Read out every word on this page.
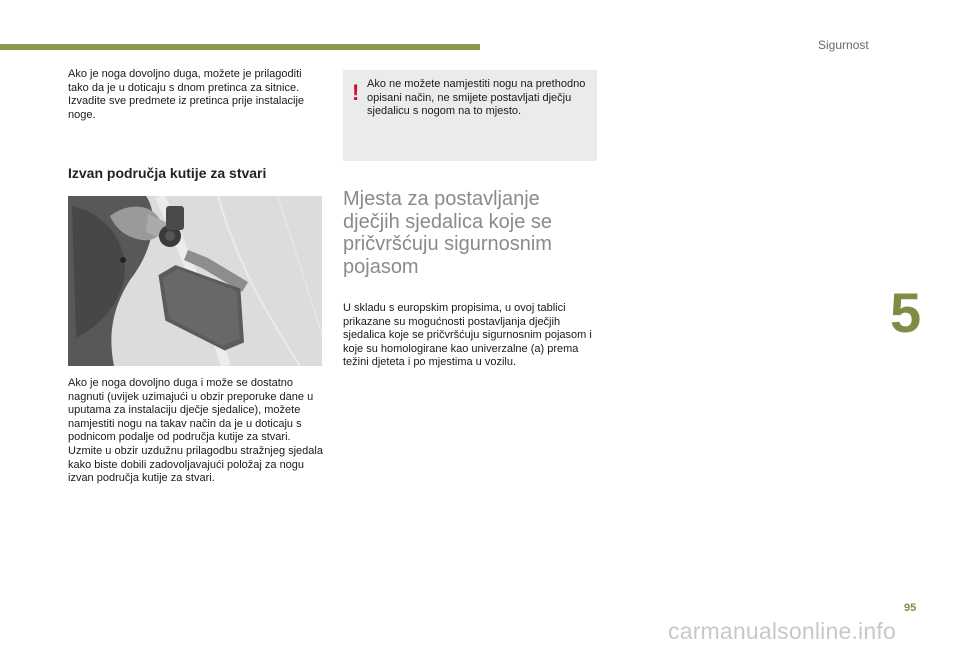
Sigurnost

Ako je noga dovoljno duga, možete je prilagoditi tako da je u doticaju s dnom pretinca za sitnice. Izvadite sve predmete iz pretinca prije instalacije noge.

Izvan područja kutije za stvari

Ako je noga dovoljno duga i može se dostatno nagnuti (uvijek uzimajući u obzir preporuke dane u uputama za instalaciju dječje sjedalice), možete namjestiti nogu na takav način da je u doticaju s podnicom podalje od područja kutije za stvari. Uzmite u obzir uzdužnu prilagodbu stražnjeg sjedala kako biste dobili zadovoljavajući položaj za nogu izvan područja kutije za stvari.

! Ako ne možete namjestiti nogu na prethodno opisani način, ne smijete postavljati dječju sjedalicu s nogom na to mjesto.

Mjesta za postavljanje dječjih sjedalica koje se pričvršćuju sigurnosnim pojasom

U skladu s europskim propisima, u ovoj tablici prikazane su mogućnosti postavljanja dječjih sjedalica koje se pričvršćuju sigurnosnim pojasom i koje su homologirane kao univerzalne (a) prema težini djeteta i po mjestima u vozilu.

5
95
carmanualsonline.info
